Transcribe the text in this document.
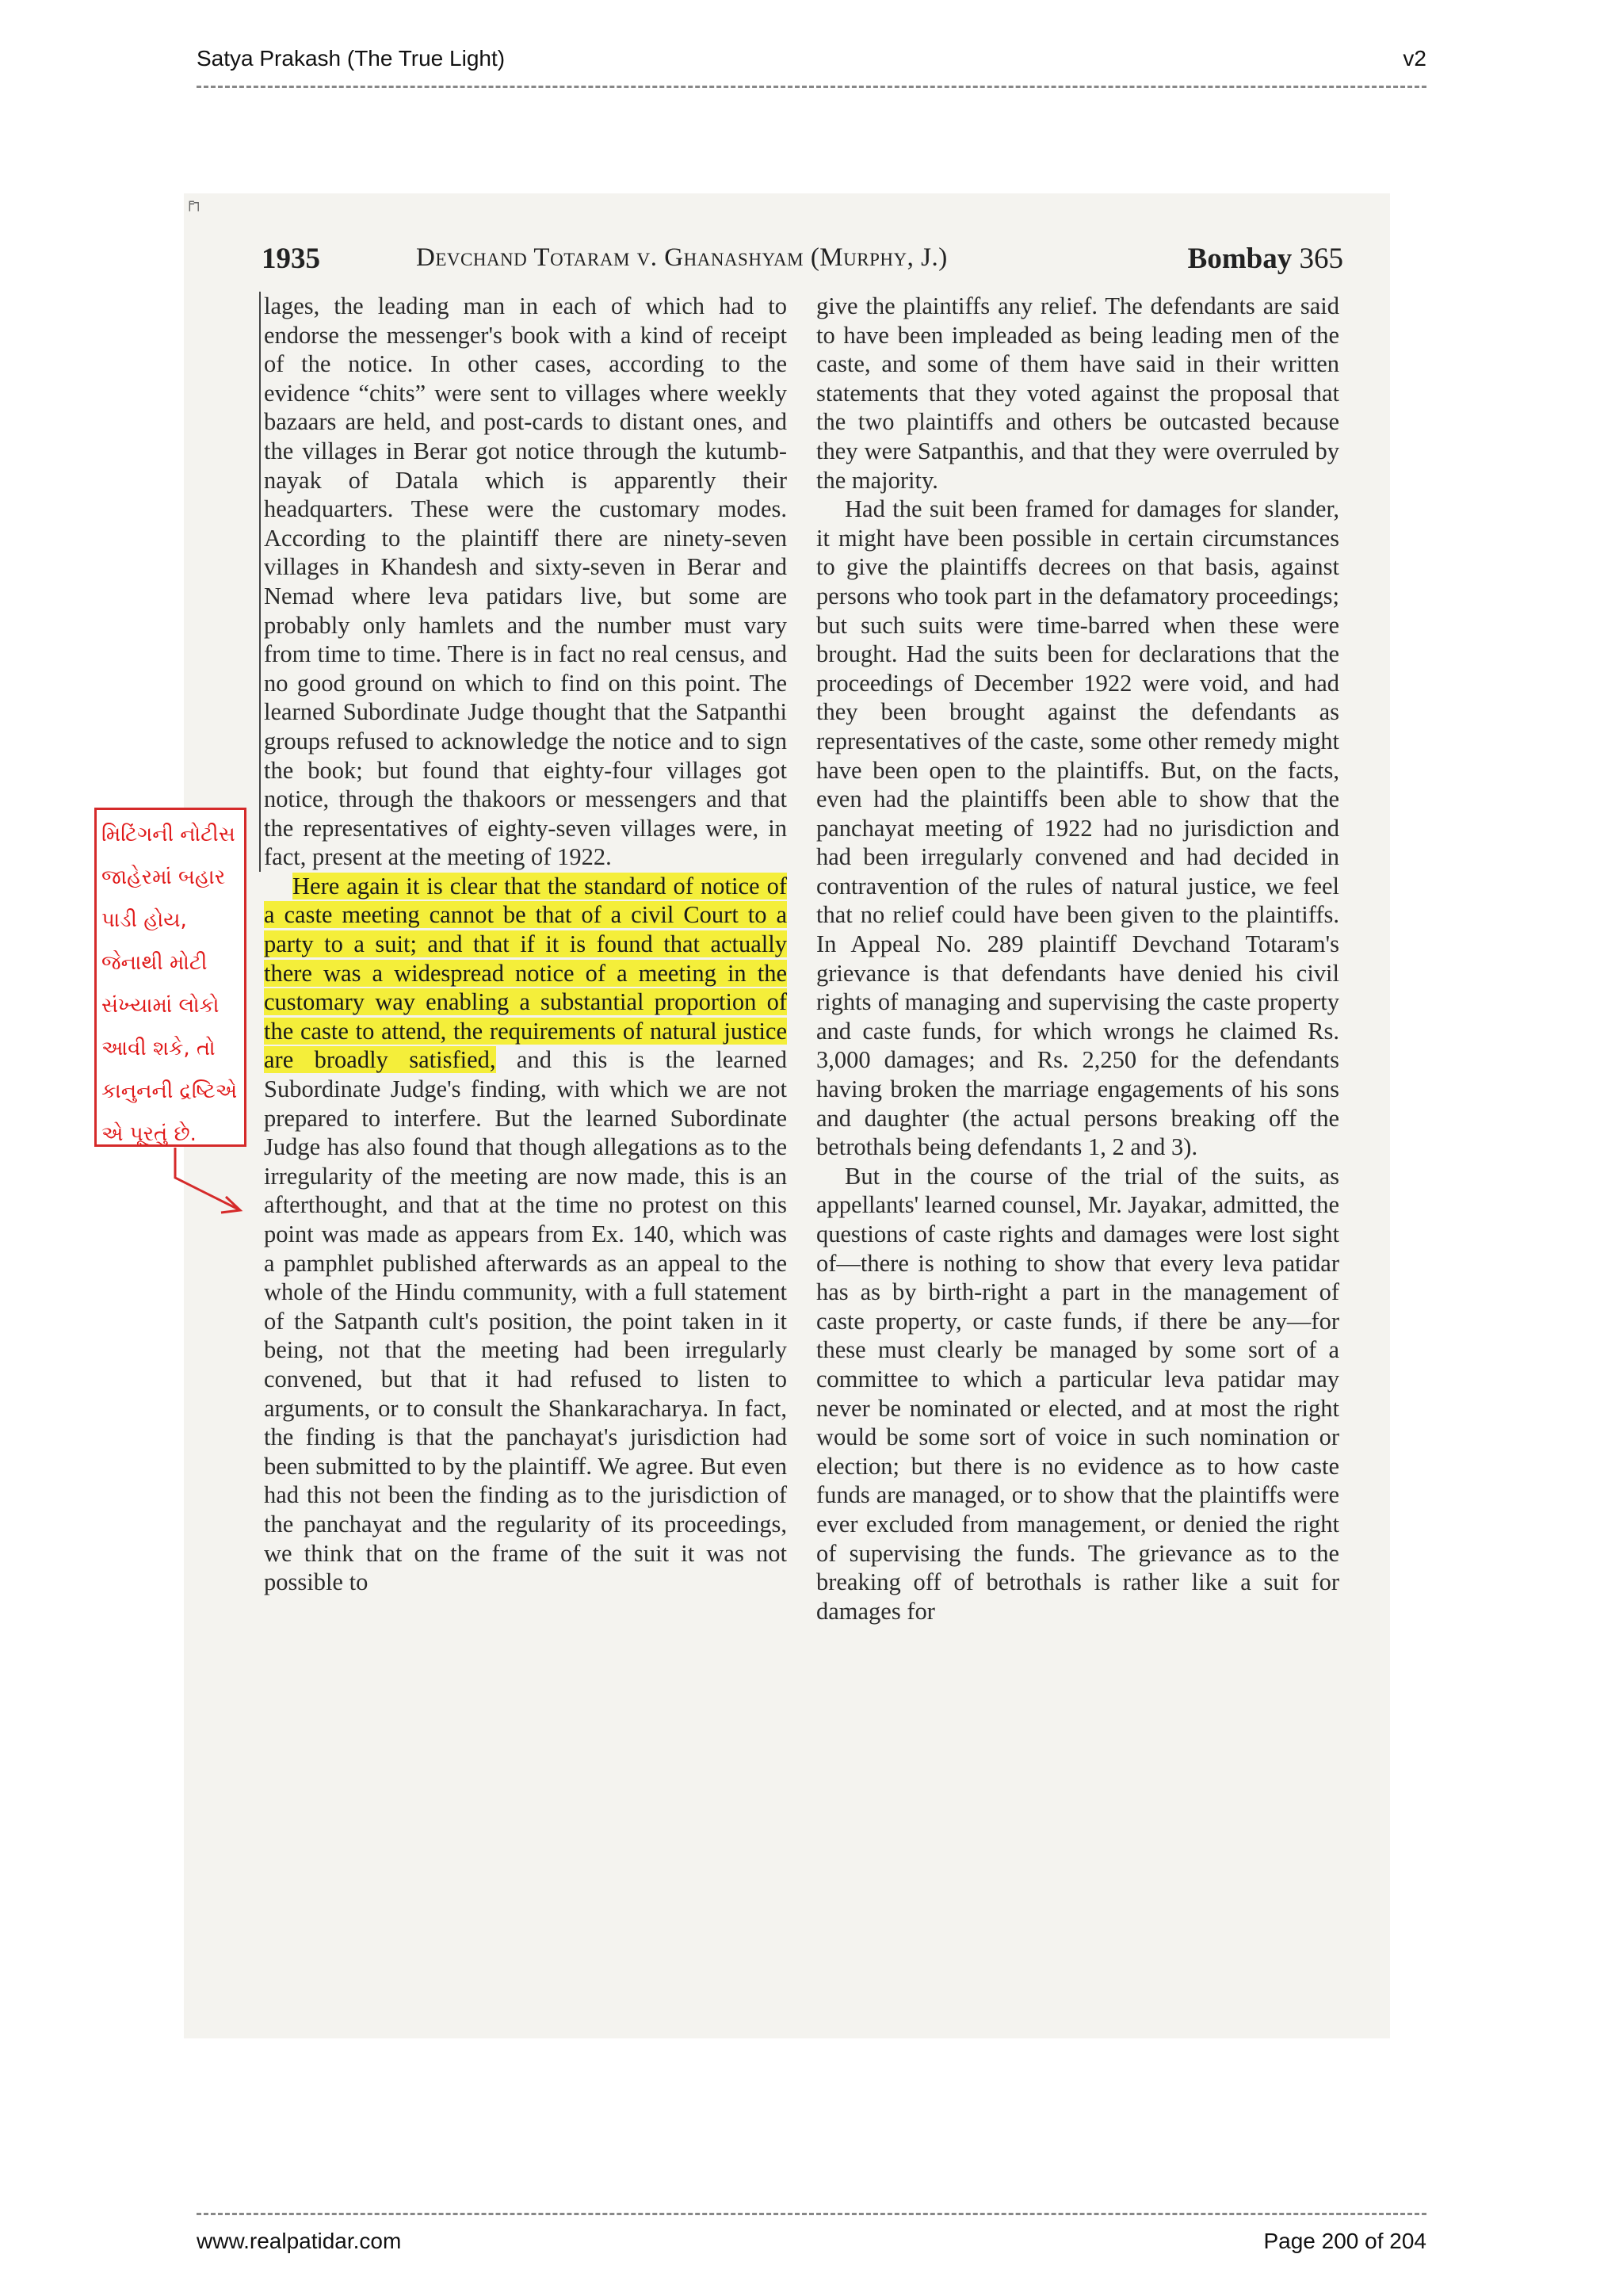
Satya Prakash (The True Light)	v2
╒┐
1935	Devchand Totaram v. Ghanashyam (Murphy, J.)	Bombay 365

lages, the leading man in each of which had to endorse the messenger's book with a kind of receipt of the notice. In other cases, according to the evidence “chits” were sent to villages where weekly bazaars are held, and post-cards to distant ones, and the villages in Berar got notice through the kutumb-nayak of Datala which is apparently their headquarters. These were the customary modes. According to the plaintiff there are ninety-seven villages in Khandesh and sixty-seven in Berar and Nemad where leva patidars live, but some are probably only hamlets and the number must vary from time to time. There is in fact no real census, and no good ground on which to find on this point. The learned Subordinate Judge thought that the Satpanthi groups refused to acknowledge the notice and to sign the book; but found that eighty-four villages got notice, through the thakoors or messengers and that the representatives of eighty-seven villages were, in fact, present at the meeting of 1922.

Here again it is clear that the standard of notice of a caste meeting cannot be that of a civil Court to a party to a suit; and that if it is found that actually there was a widespread notice of a meeting in the customary way enabling a substantial proportion of the caste to attend, the requirements of natural justice are broadly satisfied, and this is the learned Subordinate Judge's finding, with which we are not prepared to interfere. But the learned Subordinate Judge has also found that though allegations as to the irregularity of the meeting are now made, this is an afterthought, and that at the time no protest on this point was made as appears from Ex. 140, which was a pamphlet published afterwards as an appeal to the whole of the Hindu community, with a full statement of the Satpanth cult's position, the point taken in it being, not that the meeting had been irregularly convened, but that it had refused to listen to arguments, or to consult the Shankaracharya. In fact, the finding is that the panchayat's jurisdiction had been submitted to by the plaintiff. We agree. But even had this not been the finding as to the jurisdiction of the panchayat and the regularity of its proceedings, we think that on the frame of the suit it was not possible to

give the plaintiffs any relief. The defendants are said to have been impleaded as being leading men of the caste, and some of them have said in their written statements that they voted against the proposal that the two plaintiffs and others be outcasted because they were Satpanthis, and that they were overruled by the majority.

Had the suit been framed for damages for slander, it might have been possible in certain circumstances to give the plaintiffs decrees on that basis, against persons who took part in the defamatory proceedings; but such suits were time-barred when these were brought. Had the suits been for declarations that the proceedings of December 1922 were void, and had they been brought against the defendants as representatives of the caste, some other remedy might have been open to the plaintiffs. But, on the facts, even had the plaintiffs been able to show that the panchayat meeting of 1922 had no jurisdiction and had been irregularly convened and had decided in contravention of the rules of natural justice, we feel that no relief could have been given to the plaintiffs. In Appeal No. 289 plaintiff Devchand Totaram's grievance is that defendants have denied his civil rights of managing and supervising the caste property and caste funds, for which wrongs he claimed Rs. 3,000 damages; and Rs. 2,250 for the defendants having broken the marriage engagements of his sons and daughter (the actual persons breaking off the betrothals being defendants 1, 2 and 3).

But in the course of the trial of the suits, as appellants' learned counsel, Mr. Jayakar, admitted, the questions of caste rights and damages were lost sight of—there is nothing to show that every leva patidar has as by birth-right a part in the management of caste property, or caste funds, if there be any—for these must clearly be managed by some sort of a committee to which a particular leva patidar may never be nominated or elected, and at most the right would be some sort of voice in such nomination or election; but there is no evidence as to how caste funds are managed, or to show that the plaintiffs were ever excluded from management, or denied the right of supervising the funds. The grievance as to the breaking off of betrothals is rather like a suit for damages for

મિટિંગની નોટીસ
જાહેરમાં બહાર
પાડી હોય,
જેનાથી મોટી
સંખ્યામાં લોકો
આવી શકે, તો
કાનુનની દ્રષ્ટિએ
એ પૂરતું છે.
www.realpatidar.com	Page 200 of 204
